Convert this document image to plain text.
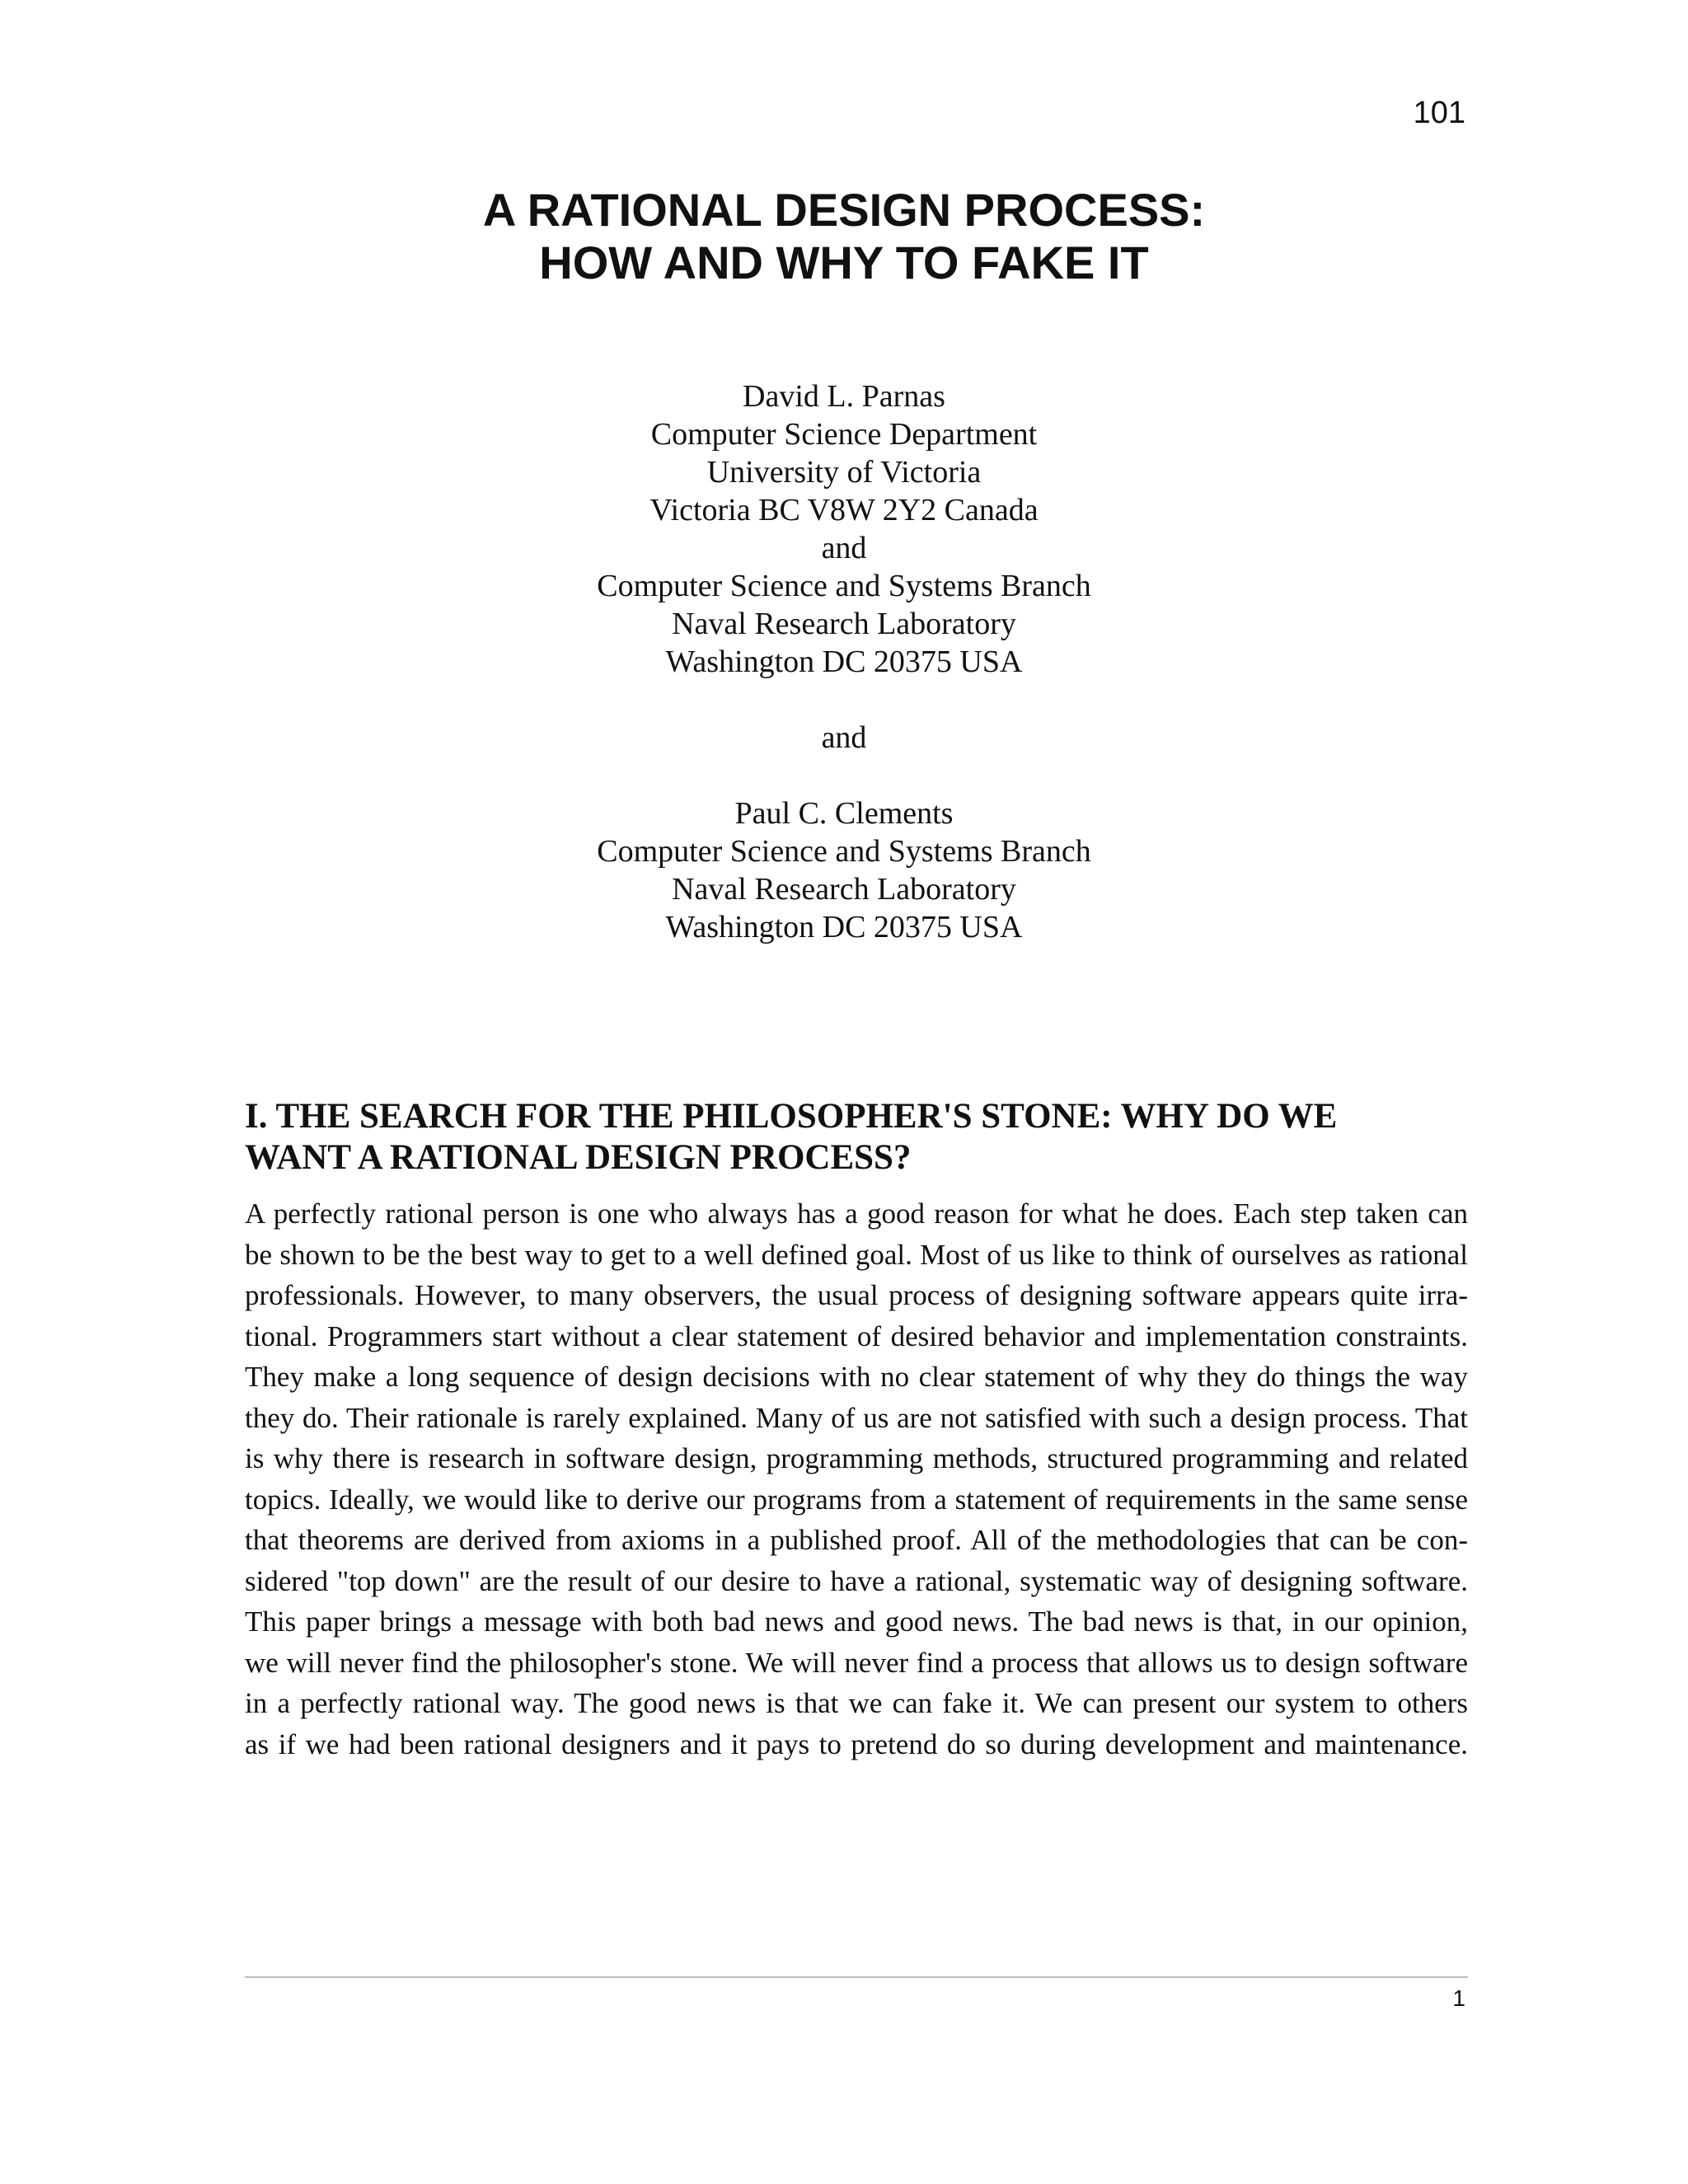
101
A RATIONAL DESIGN PROCESS:
HOW AND WHY TO FAKE IT
David L. Parnas
Computer Science Department
University of Victoria
Victoria BC V8W 2Y2 Canada
and
Computer Science and Systems Branch
Naval Research Laboratory
Washington DC 20375 USA
and
Paul C. Clements
Computer Science and Systems Branch
Naval Research Laboratory
Washington DC 20375 USA
I. THE SEARCH FOR THE PHILOSOPHER'S STONE: WHY DO WE
WANT A RATIONAL DESIGN PROCESS?
A perfectly rational person is one who always has a good reason for what he does. Each step taken can
be shown to be the best way to get to a well defined goal. Most of us like to think of ourselves as rational
professionals. However, to many observers, the usual process of designing software appears quite irra-
tional. Programmers start without a clear statement of desired behavior and implementation constraints.
They make a long sequence of design decisions with no clear statement of why they do things the way
they do. Their rationale is rarely explained. Many of us are not satisfied with such a design process. That
is why there is research in software design, programming methods, structured programming and related
topics. Ideally, we would like to derive our programs from a statement of requirements in the same sense
that theorems are derived from axioms in a published proof. All of the methodologies that can be con-
sidered "top down" are the result of our desire to have a rational, systematic way of designing software.
This paper brings a message with both bad news and good news. The bad news is that, in our opinion,
we will never find the philosopher's stone. We will never find a process that allows us to design software
in a perfectly rational way. The good news is that we can fake it. We can present our system to others
as if we had been rational designers and it pays to pretend do so during development and maintenance.
1
